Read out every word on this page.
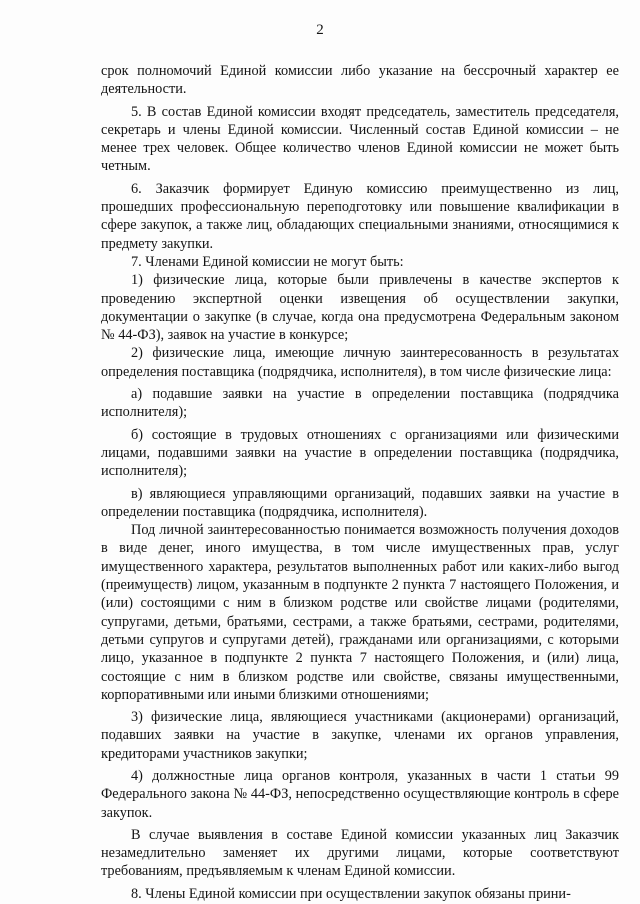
2

срок полномочий Единой комиссии либо указание на бессрочный характер ее деятельности.

5. В состав Единой комиссии входят председатель, заместитель председателя, секретарь и члены Единой комиссии. Численный состав Единой комиссии – не менее трех человек. Общее количество членов Единой комиссии не может быть четным.

6. Заказчик формирует Единую комиссию преимущественно из лиц, прошедших профессиональную переподготовку или повышение квалификации в сфере закупок, а также лиц, обладающих специальными знаниями, относящимися к предмету закупки.

7. Членами Единой комиссии не могут быть:

1) физические лица, которые были привлечены в качестве экспертов к проведению экспертной оценки извещения об осуществлении закупки, документации о закупке (в случае, когда она предусмотрена Федеральным законом № 44-ФЗ), заявок на участие в конкурсе;

2) физические лица, имеющие личную заинтересованность в результатах определения поставщика (подрядчика, исполнителя), в том числе физические лица:

а) подавшие заявки на участие в определении поставщика (подрядчика исполнителя);

б) состоящие в трудовых отношениях с организациями или физическими лицами, подавшими заявки на участие в определении поставщика (подрядчика, исполнителя);

в) являющиеся управляющими организаций, подавших заявки на участие в определении поставщика (подрядчика, исполнителя).

Под личной заинтересованностью понимается возможность получения доходов в виде денег, иного имущества, в том числе имущественных прав, услуг имущественного характера, результатов выполненных работ или каких-либо выгод (преимуществ) лицом, указанным в подпункте 2 пункта 7 настоящего Положения, и (или) состоящими с ним в близком родстве или свойстве лицами (родителями, супругами, детьми, братьями, сестрами, а также братьями, сестрами, родителями, детьми супругов и супругами детей), гражданами или организациями, с которыми лицо, указанное в подпункте 2 пункта 7 настоящего Положения, и (или) лица, состоящие с ним в близком родстве или свойстве, связаны имущественными, корпоративными или иными близкими отношениями;

3) физические лица, являющиеся участниками (акционерами) организаций, подавших заявки на участие в закупке, членами их органов управления, кредиторами участников закупки;

4) должностные лица органов контроля, указанных в части 1 статьи 99 Федерального закона № 44-ФЗ, непосредственно осуществляющие контроль в сфере закупок.

В случае выявления в составе Единой комиссии указанных лиц Заказчик незамедлительно заменяет их другими лицами, которые соответствуют требованиям, предъявляемым к членам Единой комиссии.

8. Члены Единой комиссии при осуществлении закупок обязаны прини-
